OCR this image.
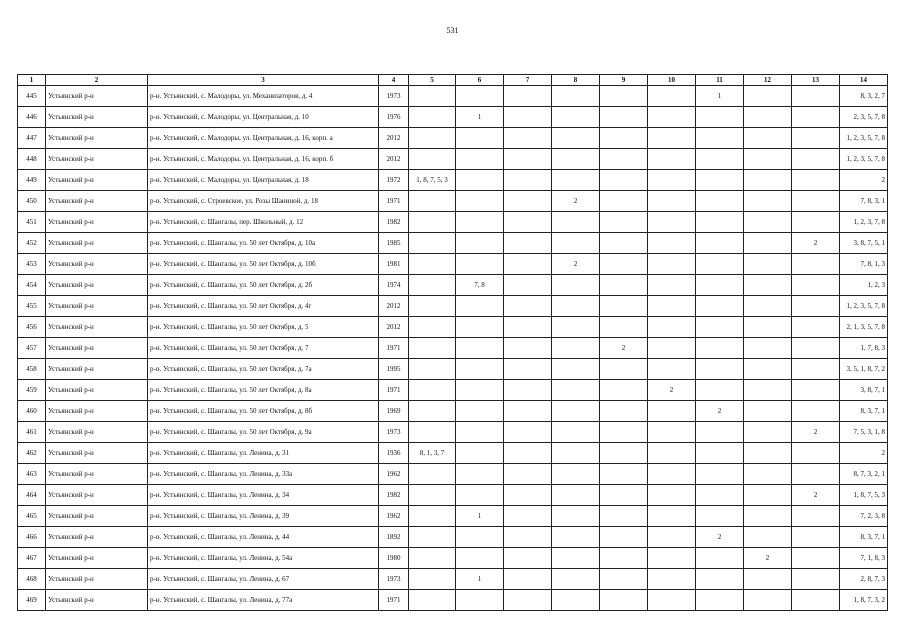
531
1	2	3	4	5	6	7	8	9	10	11	12	13	14
445	Устьянский р-н	р-н. Устьянский, с. Малодоры, ул. Механизаторов, д. 4	1973							1			8, 3, 2, 7
446	Устьянский р-н	р-н. Устьянский, с. Малодоры, ул. Центральная, д. 10	1976		1								2, 3, 5, 7, 8
447	Устьянский р-н	р-н. Устьянский, с. Малодоры, ул. Центральная, д. 16, корп. а	2012										1, 2, 3, 5, 7, 8
448	Устьянский р-н	р-н. Устьянский, с. Малодоры, ул. Центральная, д. 16, корп. б	2012										1, 2, 3, 5, 7, 8
449	Устьянский р-н	р-н. Устьянский, с. Малодоры, ул. Центральная, д. 18	1972	1, 8, 7, 5, 3									2
450	Устьянский р-н	р-н. Устьянский, с. Строевское, ул. Розы Шаниной, д. 18	1971				2						7, 8, 3, 1
451	Устьянский р-н	р-н. Устьянский, с. Шангалы, пер. Школьный, д. 12	1982										1, 2, 3, 7, 8
452	Устьянский р-н	р-н. Устьянский, с. Шангалы, ул. 50 лет Октября, д. 10а	1985									2	3, 8, 7, 5, 1
453	Устьянский р-н	р-н. Устьянский, с. Шангалы, ул. 50 лет Октября, д. 10б	1981				2						7, 8, 1, 3
454	Устьянский р-н	р-н. Устьянский, с. Шангалы, ул. 50 лет Октября, д. 2б	1974		7, 8								1, 2, 3
455	Устьянский р-н	р-н. Устьянский, с. Шангалы, ул. 50 лет Октября, д. 4г	2012										1, 2, 3, 5, 7, 8
456	Устьянский р-н	р-н. Устьянский, с. Шангалы, ул. 50 лет Октября, д. 5	2012										2, 1, 3, 5, 7, 8
457	Устьянский р-н	р-н. Устьянский, с. Шангалы, ул. 50 лет Октября, д. 7	1971					2					1, 7, 8, 3
458	Устьянский р-н	р-н. Устьянский, с. Шангалы, ул. 50 лет Октября, д. 7а	1995										3, 5, 1, 8, 7, 2
459	Устьянский р-н	р-н. Устьянский, с. Шангалы, ул. 50 лет Октября, д. 8а	1971						2				3, 8, 7, 1
460	Устьянский р-н	р-н. Устьянский, с. Шангалы, ул. 50 лет Октября, д. 8б	1969							2			8, 3, 7, 1
461	Устьянский р-н	р-н. Устьянский, с. Шангалы, ул. 50 лет Октября, д. 9а	1973									2	7, 5, 3, 1, 8
462	Устьянский р-н	р-н. Устьянский, с. Шангалы, ул. Ленина, д. 31	1936	8, 1, 3, 7									2
463	Устьянский р-н	р-н. Устьянский, с. Шангалы, ул. Ленина, д. 33а	1962										8, 7, 3, 2, 1
464	Устьянский р-н	р-н. Устьянский, с. Шангалы, ул. Ленина, д. 34	1982									2	1, 8, 7, 5, 3
465	Устьянский р-н	р-н. Устьянский, с. Шангалы, ул. Ленина, д. 39	1962		1								7, 2, 3, 8
466	Устьянский р-н	р-н. Устьянский, с. Шангалы, ул. Ленина, д. 44	1892							2			8, 3, 7, 1
467	Устьянский р-н	р-н. Устьянский, с. Шангалы, ул. Ленина, д. 54а	1980								2		7, 1, 8, 3
468	Устьянский р-н	р-н. Устьянский, с. Шангалы, ул. Ленина, д. 67	1973		1								2, 8, 7, 3
469	Устьянский р-н	р-н. Устьянский, с. Шангалы, ул. Ленина, д. 77а	1971										1, 8, 7, 3, 2
